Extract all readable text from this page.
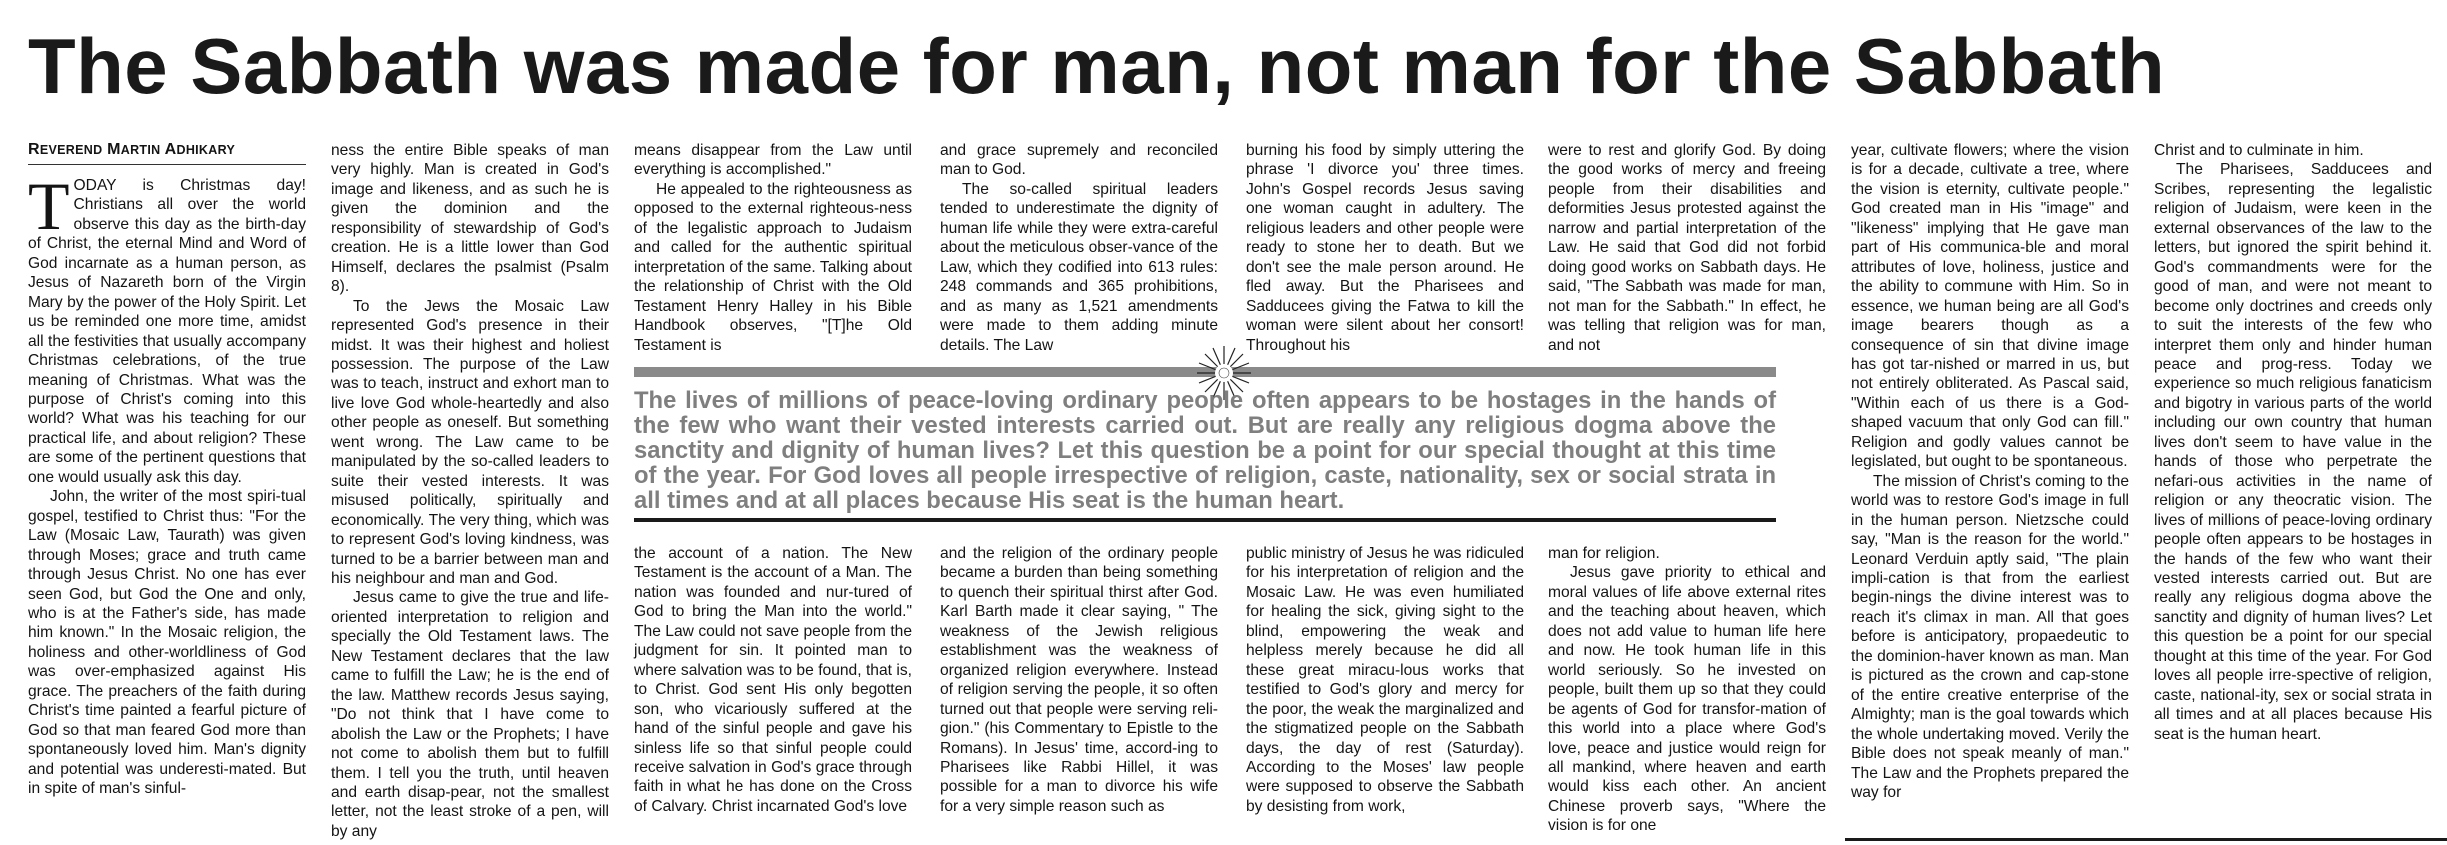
The Sabbath was made for man, not man for the Sabbath
REVEREND MARTIN ADHIKARY

TODAY is Christmas day! Christians all over the world observe this day as the birth-day of Christ, the eternal Mind and Word of God incarnate as a human person, as Jesus of Nazareth born of the Virgin Mary by the power of the Holy Spirit. Let us be reminded one more time, amidst all the festivities that usually accompany Christmas celebrations, of the true meaning of Christmas. What was the purpose of Christ's coming into this world? What was his teaching for our practical life, and about religion? These are some of the pertinent questions that one would usually ask this day.

John, the writer of the most spiri-tual gospel, testified to Christ thus: "For the Law (Mosaic Law, Taurath) was given through Moses; grace and truth came through Jesus Christ. No one has ever seen God, but God the One and only, who is at the Father's side, has made him known." In the Mosaic religion, the holiness and other-worldliness of God was over-emphasized against His grace. The preachers of the faith during Christ's time painted a fearful picture of God so that man feared God more than spontaneously loved him. Man's dignity and potential was underesti-mated. But in spite of man's sinful-

ness the entire Bible speaks of man very highly. Man is created in God's image and likeness, and as such he is given the dominion and the responsibility of stewardship of God's creation. He is a little lower than God Himself, declares the psalmist (Psalm 8).

To the Jews the Mosaic Law represented God's presence in their midst. It was their highest and holiest possession. The purpose of the Law was to teach, instruct and exhort man to live love God whole-heartedly and also other people as oneself. But something went wrong. The Law came to be manipulated by the so-called leaders to suite their vested interests. It was misused politically, spiritually and economically. The very thing, which was to represent God's loving kindness, was turned to be a barrier between man and his neighbour and man and God.

Jesus came to give the true and life-oriented interpretation to religion and specially the Old Testament laws. The New Testament declares that the law came to fulfill the Law; he is the end of the law. Matthew records Jesus saying, "Do not think that I have come to abolish the Law or the Prophets; I have not come to abolish them but to fulfill them. I tell you the truth, until heaven and earth disap-pear, not the smallest letter, not the least stroke of a pen, will by any

means disappear from the Law until everything is accomplished."

He appealed to the righteousness as opposed to the external righteous-ness of the legalistic approach to Judaism and called for the authentic spiritual interpretation of the same. Talking about the relationship of Christ with the Old Testament Henry Halley in his Bible Handbook observes, "[T]he Old Testament is

the account of a nation. The New Testament is the account of a Man. The nation was founded and nur-tured of God to bring the Man into the world." The Law could not save people from the judgment for sin. It pointed man to where salvation was to be found, that is, to Christ. God sent His only begotten son, who vicariously suffered at the hand of the sinful people and gave his sinless life so that sinful people could receive salvation in God's grace through faith in what he has done on the Cross of Calvary. Christ incarnated God's love

and grace supremely and reconciled man to God.

The so-called spiritual leaders tended to underestimate the dignity of human life while they were extra-careful about the meticulous obser-vance of the Law, which they codified into 613 rules: 248 commands and 365 prohibitions, and as many as 1,521 amendments were made to them adding minute details. The Law

and the religion of the ordinary people became a burden than being something to quench their spiritual thirst after God. Karl Barth made it clear saying, " The weakness of the Jewish religious establishment was the weakness of organized religion everywhere. Instead of religion serving the people, it so often turned out that people were serving reli-gion." (his Commentary to Epistle to the Romans). In Jesus' time, accord-ing to Pharisees like Rabbi Hillel, it was possible for a man to divorce his wife for a very simple reason such as

burning his food by simply uttering the phrase 'I divorce you' three times. John's Gospel records Jesus saving one woman caught in adultery. The religious leaders and other people were ready to stone her to death. But we don't see the male person around. He fled away. But the Pharisees and Sadducees giving the Fatwa to kill the woman were silent about her consort! Throughout his

public ministry of Jesus he was ridiculed for his interpretation of religion and the Mosaic Law. He was even humiliated for healing the sick, giving sight to the blind, empowering the weak and helpless merely because he did all these great miracu-lous works that testified to God's glory and mercy for the poor, the weak the marginalized and the stigmatized people on the Sabbath days, the day of rest (Saturday). According to the Moses' law people were supposed to observe the Sabbath by desisting from work,

were to rest and glorify God. By doing the good works of mercy and freeing people from their disabilities and deformities Jesus protested against the narrow and partial interpretation of the Law. He said that God did not forbid doing good works on Sabbath days. He said, "The Sabbath was made for man, not man for the Sabbath." In effect, he was telling that religion was for man, and not

man for religion.

Jesus gave priority to ethical and moral values of life above external rites and the teaching about heaven, which does not add value to human life here and now. He took human life in this world seriously. So he invested on people, built them up so that they could be agents of God for transfor-mation of this world into a place where God's love, peace and justice would reign for all mankind, where heaven and earth would kiss each other. An ancient Chinese proverb says, "Where the vision is for one

year, cultivate flowers; where the vision is for a decade, cultivate a tree, where the vision is eternity, cultivate people." God created man in His "image" and "likeness" implying that He gave man part of His communica-ble and moral attributes of love, holiness, justice and the ability to commune with Him. So in essence, we human being are all God's image bearers though as a consequence of sin that divine image has got tar-nished or marred in us, but not entirely obliterated. As Pascal said, "Within each of us there is a God-shaped vacuum that only God can fill." Religion and godly values cannot be legislated, but ought to be spontaneous.

The mission of Christ's coming to the world was to restore God's image in full in the human person. Nietzsche could say, "Man is the reason for the world." Leonard Verduin aptly said, "The plain impli-cation is that from the earliest begin-nings the divine interest was to reach it's climax in man. All that goes before is anticipatory, propaedeutic to the dominion-haver known as man. Man is pictured as the crown and cap-stone of the entire creative enterprise of the Almighty; man is the goal towards which the whole undertaking moved. Verily the Bible does not speak meanly of man." The Law and the Prophets prepared the way for

Christ and to culminate in him.

The Pharisees, Sadducees and Scribes, representing the legalistic religion of Judaism, were keen in the external observances of the law to the letters, but ignored the spirit behind it. God's commandments were for the good of man, and were not meant to become only doctrines and creeds only to suit the interests of the few who interpret them only and hinder human peace and prog-ress. Today we experience so much religious fanaticism and bigotry in various parts of the world including our own country that human lives don't seem to have value in the hands of those who perpetrate the nefari-ous activities in the name of religion or any theocratic vision. The lives of millions of peace-loving ordinary people often appears to be hostages in the hands of the few who want their vested interests carried out. But are really any religious dogma above the sanctity and dignity of human lives? Let this question be a point for our special thought at this time of the year. For God loves all people irre-spective of religion, caste, national-ity, sex or social strata in all times and at all places because His seat is the human heart.

The lives of millions of peace-loving ordinary people often appears to be hostages in the hands of the few who want their vested interests carried out. But are really any religious dogma above the sanctity and dignity of human lives? Let this question be a point for our special thought at this time of the year. For God loves all people irrespective of religion, caste, nationality, sex or social strata in all times and at all places because His seat is the human heart.
